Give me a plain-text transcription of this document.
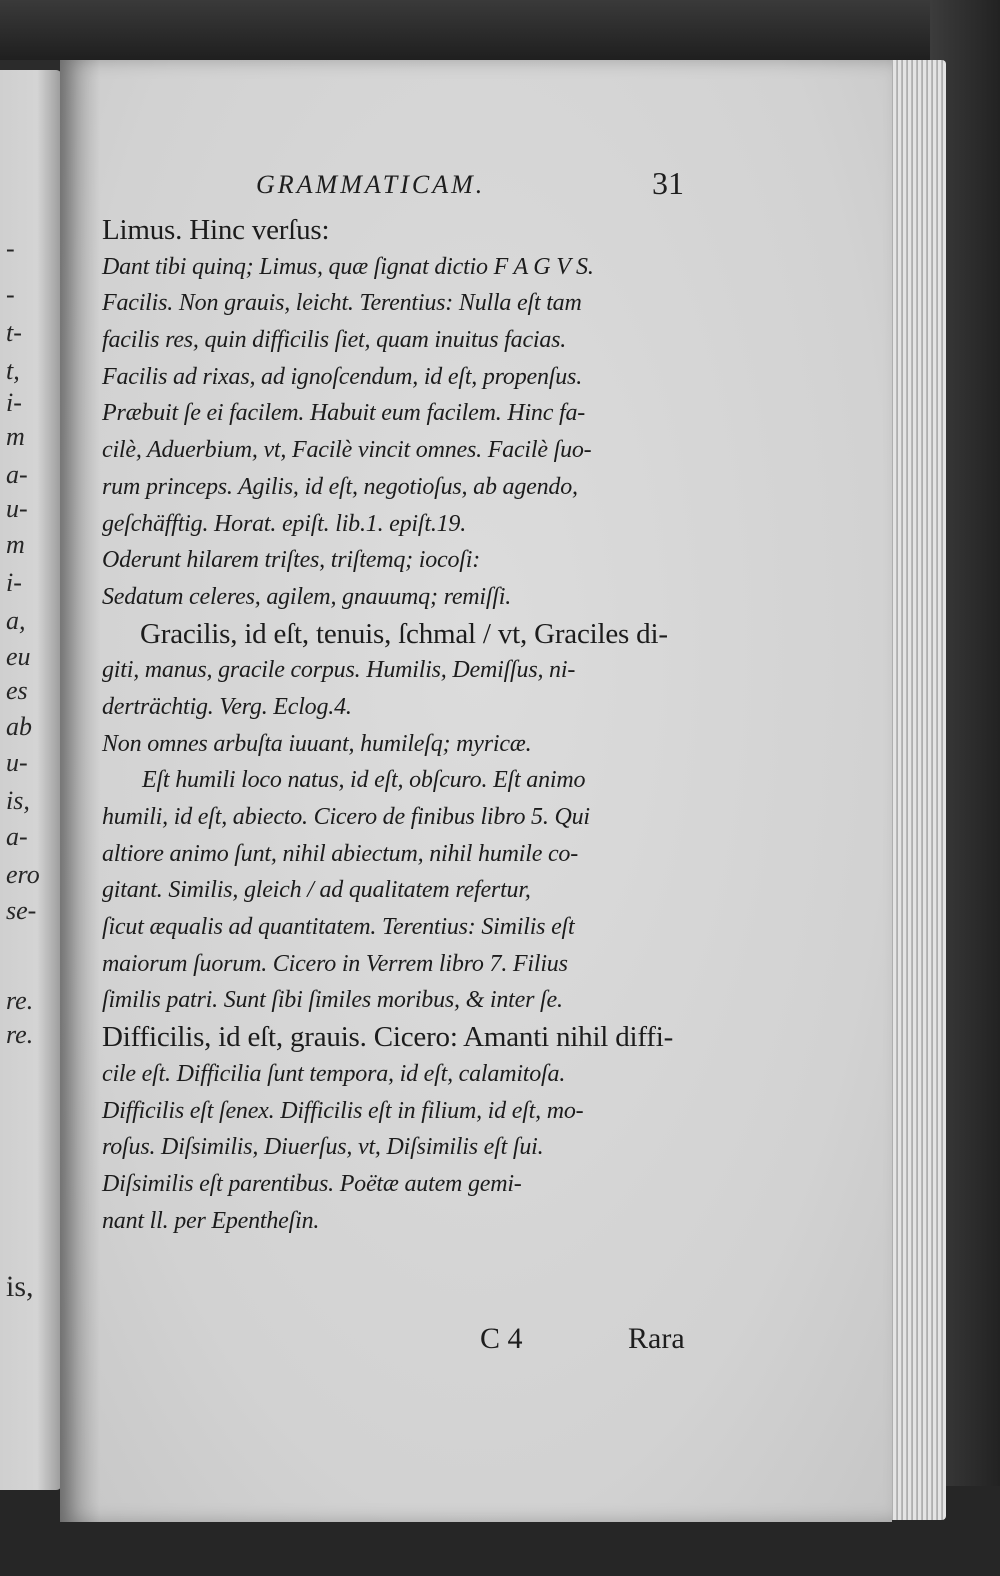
-
-
t-
t,
i-
m
a-
u-
m
i-
a,
eu
es
ab
u-
is,
a-
ero
se-
re.
re.
is,
GRAMMATICAM.	31
Limus. Hinc verſus:
Dant tibi quinq; Limus, quæ ſignat dictio F A G V S.
Facilis. Non grauis, leicht. Terentius: Nulla eſt tam
facilis res, quin difficilis ſiet, quam inuitus facias.
Facilis ad rixas, ad ignoſcendum, id eſt, propenſus.
Præbuit ſe ei facilem. Habuit eum facilem. Hinc fa-
cilè, Aduerbium, vt, Facilè vincit omnes. Facilè ſuo-
rum princeps. Agilis, id eſt, negotioſus, ab agendo,
geſchäfftig. Horat. epiſt. lib.1. epiſt.19.
Oderunt hilarem triſtes, triſtemq; iocoſi:
Sedatum celeres, agilem, gnauumq; remiſſi.
Gracilis, id eſt, tenuis, ſchmal / vt, Graciles di-
giti, manus, gracile corpus. Humilis, Demiſſus, ni-
derträchtig. Verg. Eclog.4.
Non omnes arbuſta iuuant, humileſq; myricæ.
Eſt humili loco natus, id eſt, obſcuro. Eſt animo
humili, id eſt, abiecto. Cicero de finibus libro 5. Qui
altiore animo ſunt, nihil abiectum, nihil humile co-
gitant. Similis, gleich / ad qualitatem refertur,
ſicut æqualis ad quantitatem. Terentius: Similis eſt
maiorum ſuorum. Cicero in Verrem libro 7. Filius
ſimilis patri. Sunt ſibi ſimiles moribus, & inter ſe.
Difficilis, id eſt, grauis. Cicero: Amanti nihil diffi-
cile eſt. Difficilia ſunt tempora, id eſt, calamitoſa.
Difficilis eſt ſenex. Difficilis eſt in filium, id eſt, mo-
roſus. Diſsimilis, Diuerſus, vt, Diſsimilis eſt ſui.
Diſsimilis eſt parentibus. Poëtæ autem gemi-
nant ll. per Epentheſin.
C 4	Rara
